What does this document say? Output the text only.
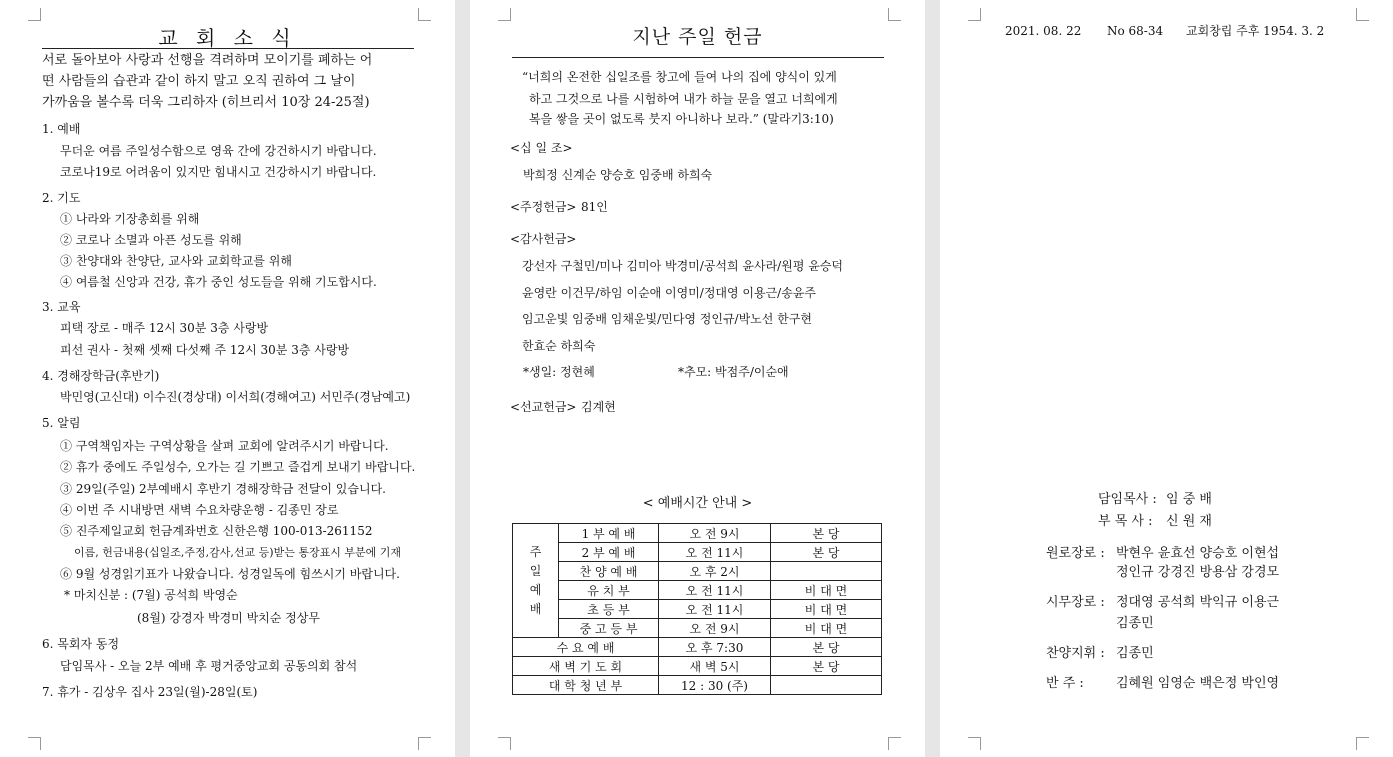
교 회 소 식
서로 돌아보아 사랑과 선행을 격려하며 모이기를 폐하는 어
떤 사람들의 습관과 같이 하지 말고 오직 권하여 그 날이
가까움을 볼수록 더욱 그리하자 (히브리서 10장 24-25절)
1. 예배
무더운 여름 주일성수함으로 영육 간에 강건하시기 바랍니다.
코로나19로 어려움이 있지만 힘내시고 건강하시기 바랍니다.
2. 기도
① 나라와 기장총회를 위해
② 코로나 소멸과 아픈 성도를 위해
③ 찬양대와 찬양단, 교사와 교회학교를 위해
④ 여름철 신앙과 건강, 휴가 중인 성도들을 위해 기도합시다.
3. 교육
피택 장로 - 매주 12시 30분 3층 사랑방
피선 권사 - 첫째 셋째 다섯째 주 12시 30분 3층 사랑방
4. 경해장학금(후반기)
박민영(고신대) 이수진(경상대) 이서희(경해여고) 서민주(경남예고)
5. 알림
① 구역책임자는 구역상황을 살펴 교회에 알려주시기 바랍니다.
② 휴가 중에도 주일성수, 오가는 길 기쁘고 즐겁게 보내기 바랍니다.
③ 29일(주일) 2부예배시 후반기 경해장학금 전달이 있습니다.
④ 이번 주 시내방면 새벽 수요차량운행 - 김종민 장로
⑤ 진주제일교회 헌금계좌번호 신한은행 100-013-261152
이름, 헌금내용(십일조,주정,감사,선교 등)받는 통장표시 부분에 기재
⑥ 9월 성경읽기표가 나왔습니다. 성경일독에 힘쓰시기 바랍니다.
* 마치신분 : (7월) 공석희 박영순
(8월) 강경자 박경미 박치순 정상무
6. 목회자 동정
담임목사 - 오늘 2부 예배 후 평거중앙교회 공동의회 참석
7. 휴가 - 김상우 집사 23일(월)-28일(토)
지난 주일 헌금
“너희의 온전한 십일조를 창고에 들여 나의 집에 양식이 있게
하고 그것으로 나를 시험하여 내가 하늘 문을 열고 너희에게
복을 쌓을 곳이 없도록 붓지 아니하나 보라.” (말라기3:10)
<십 일 조>
박희정 신계순 양승호 임중배 하희숙
<주정헌금> 81인
<감사헌금>
강선자 구철민/미나 김미아 박경미/공석희 윤사라/원평 윤승덕
윤영란 이건무/하임 이순애 이영미/정대영 이용근/송윤주
임고운빛 임중배 임채운빛/민다영 정인규/박노선 한구현
한효순 하희숙
*생일: 정현혜	*추모: 박점주/이순애
<선교헌금> 김계현
< 예배시간 안내 >
주
일
예
배	1 부 예 배	오 전 9시	본 당
	2 부 예 배	오 전 11시	본 당
	찬 양 예 배	오 후 2시	
	유 치 부	오 전 11시	비 대 면
	초 등 부	오 전 11시	비 대 면
	중 고 등 부	오 전 9시	비 대 면
수 요 예 배		오 후 7:30	본 당
새 벽 기 도 회		새 벽 5시	본 당
대 학 청 년 부		12 : 30 (주)	
2021. 08. 22 No 68-34 교회창립 주후 1954. 3. 2
담임목사 : 임 중 배
부 목 사 : 신 원 재
원로장로 : 박현우 윤효선 양승호 이현섭
정인규 강경진 방용삼 강경모
시무장로 : 정대영 공석희 박익규 이용근
김종민
찬양지휘 : 김종민
반 주 : 김혜원 임영순 백은정 박인영
